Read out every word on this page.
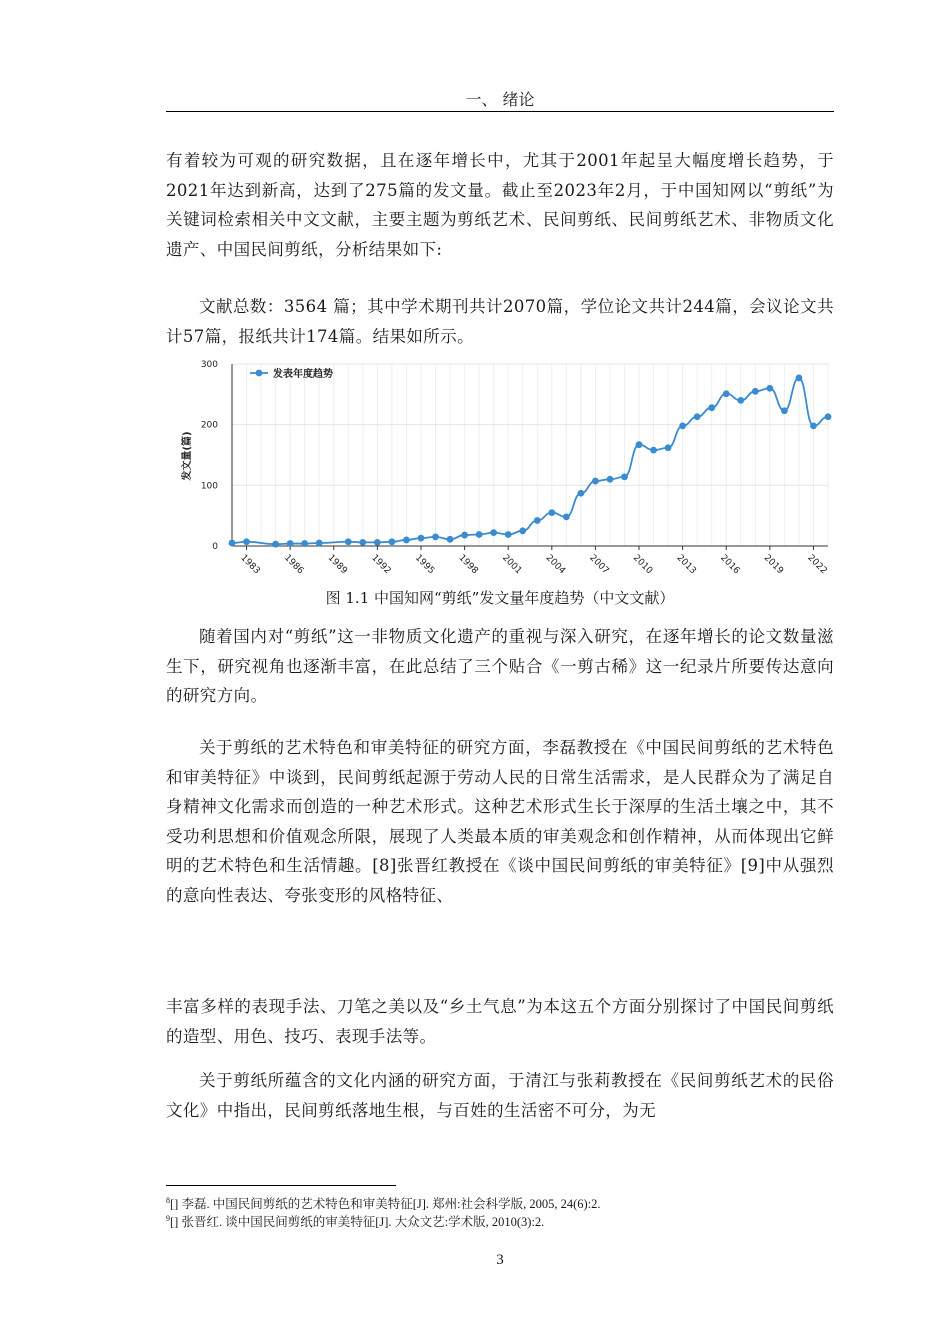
一、 绪论

有着较为可观的研究数据，且在逐年增长中，尤其于2001年起呈大幅度增长趋势，于2021年达到新高，达到了275篇的发文量。截止至2023年2月，于中国知网以“剪纸”为关键词检索相关中文文献，主要主题为剪纸艺术、民间剪纸、民间剪纸艺术、非物质文化遗产、中国民间剪纸，分析结果如下:

文献总数：3564 篇；其中学术期刊共计2070篇，学位论文共计244篇，会议论文共计57篇，报纸共计174篇。结果如所示。

0
100
200
300
1983 1986 1989 1992 1995 1998 2001 2004 2007 2010 2013 2016 2019 2022
发表年度趋势
发文量(篇)
图 1.1 中国知网“剪纸”发文量年度趋势（中文文献）

随着国内对“剪纸”这一非物质文化遗产的重视与深入研究，在逐年增长的论文数量滋生下，研究视角也逐渐丰富，在此总结了三个贴合《一剪古稀》这一纪录片所要传达意向的研究方向。

关于剪纸的艺术特色和审美特征的研究方面，李磊教授在《中国民间剪纸的艺术特色和审美特征》中谈到，民间剪纸起源于劳动人民的日常生活需求，是人民群众为了满足自身精神文化需求而创造的一种艺术形式。这种艺术形式生长于深厚的生活土壤之中，其不受功利思想和价值观念所限，展现了人类最本质的审美观念和创作精神，从而体现出它鲜明的艺术特色和生活情趣。[8]张晋红教授在《谈中国民间剪纸的审美特征》[9]中从强烈的意向性表达、夸张变形的风格特征、

丰富多样的表现手法、刀笔之美以及“乡土气息”为本这五个方面分别探讨了中国民间剪纸的造型、用色、技巧、表现手法等。

关于剪纸所蕴含的文化内涵的研究方面，于清江与张莉教授在《民间剪纸艺术的民俗文化》中指出，民间剪纸落地生根，与百姓的生活密不可分，为无

$^8$[] 李磊. 中国民间剪纸的艺术特色和审美特征[J]. 郑州:社会科学版, 2005, 24(6):2.
$^9$[] 张晋红. 谈中国民间剪纸的审美特征[J]. 大众文艺:学术版, 2010(3):2.
3
